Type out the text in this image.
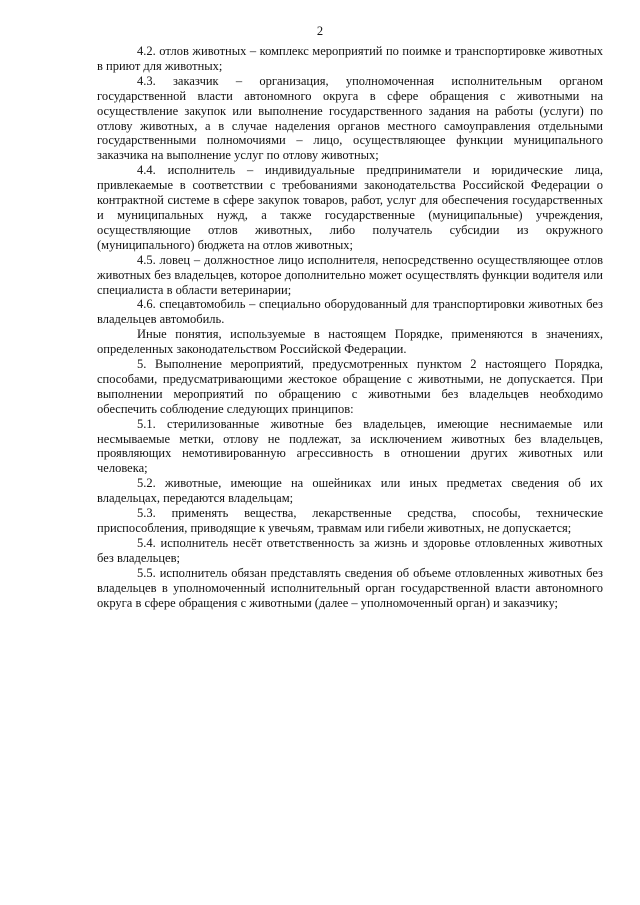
2

4.2. отлов животных – комплекс мероприятий по поимке и транспортировке животных в приют для животных;

4.3. заказчик – организация, уполномоченная исполнительным органом государственной власти автономного округа в сфере обращения с животными на осуществление закупок или выполнение государственного задания на работы (услуги) по отлову животных, а в случае наделения органов местного самоуправления отдельными государственными полномочиями – лицо, осуществляющее функции муниципального заказчика на выполнение услуг по отлову животных;

4.4. исполнитель – индивидуальные предприниматели и юридические лица, привлекаемые в соответствии с требованиями законодательства Российской Федерации о контрактной системе в сфере закупок товаров, работ, услуг для обеспечения государственных и муниципальных нужд, а также государственные (муниципальные) учреждения, осуществляющие отлов животных, либо получатель субсидии из окружного (муниципального) бюджета на отлов животных;

4.5. ловец – должностное лицо исполнителя, непосредственно осуществляющее отлов животных без владельцев, которое дополнительно может осуществлять функции водителя или специалиста в области ветеринарии;

4.6. спецавтомобиль – специально оборудованный для транспортировки животных без владельцев автомобиль.

Иные понятия, используемые в настоящем Порядке, применяются в значениях, определенных законодательством Российской Федерации.

5. Выполнение мероприятий, предусмотренных пунктом 2 настоящего Порядка, способами, предусматривающими жестокое обращение с животными, не допускается. При выполнении мероприятий по обращению с животными без владельцев необходимо обеспечить соблюдение следующих принципов:

5.1. стерилизованные животные без владельцев, имеющие неснимаемые или несмываемые метки, отлову не подлежат, за исключением животных без владельцев, проявляющих немотивированную агрессивность в отношении других животных или человека;

5.2. животные, имеющие на ошейниках или иных предметах сведения об их владельцах, передаются владельцам;

5.3. применять вещества, лекарственные средства, способы, технические приспособления, приводящие к увечьям, травмам или гибели животных, не допускается;

5.4. исполнитель несёт ответственность за жизнь и здоровье отловленных животных без владельцев;

5.5. исполнитель обязан представлять сведения об объеме отловленных животных без владельцев в уполномоченный исполнительный орган государственной власти автономного округа в сфере обращения с животными (далее – уполномоченный орган) и заказчику;
